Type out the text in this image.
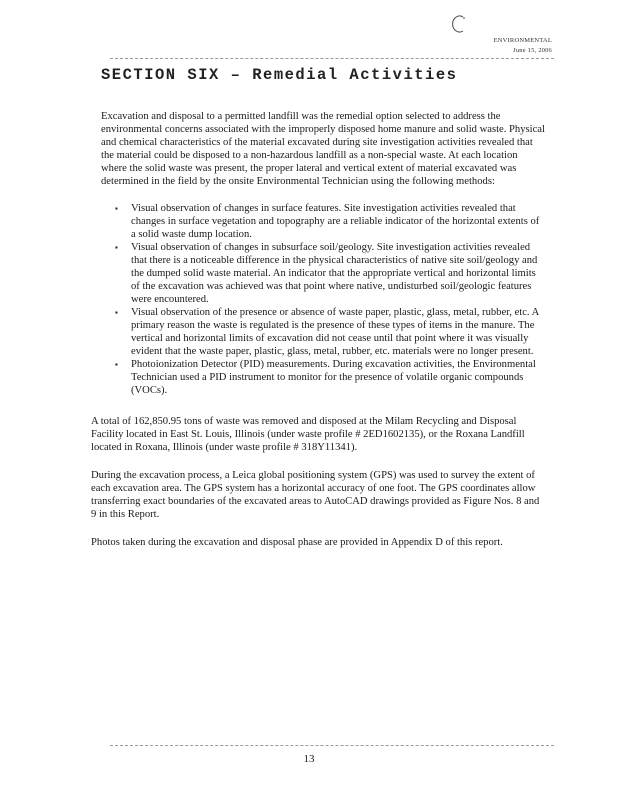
ENVIRONMENTAL
June 15, 2006
SECTION SIX – Remedial Activities

Excavation and disposal to a permitted landfill was the remedial option selected to address the environmental concerns associated with the improperly disposed home manure and solid waste. Physical and chemical characteristics of the material excavated during site investigation activities revealed that the material could be disposed to a non-hazardous landfill as a non-special waste. At each location where the solid waste was present, the proper lateral and vertical extent of material excavated was determined in the field by the onsite Environmental Technician using the following methods:

▪ Visual observation of changes in surface features. Site investigation activities revealed that changes in surface vegetation and topography are a reliable indicator of the horizontal extents of a solid waste dump location.
▪ Visual observation of changes in subsurface soil/geology. Site investigation activities revealed that there is a noticeable difference in the physical characteristics of native site soil/geology and the dumped solid waste material. An indicator that the appropriate vertical and horizontal limits of the excavation was achieved was that point where native, undisturbed soil/geologic features were encountered.
▪ Visual observation of the presence or absence of waste paper, plastic, glass, metal, rubber, etc. A primary reason the waste is regulated is the presence of these types of items in the manure. The vertical and horizontal limits of excavation did not cease until that point where it was visually evident that the waste paper, plastic, glass, metal, rubber, etc. materials were no longer present.
▪ Photoionization Detector (PID) measurements. During excavation activities, the Environmental Technician used a PID instrument to monitor for the presence of volatile organic compounds (VOCs).

A total of 162,850.95 tons of waste was removed and disposed at the Milam Recycling and Disposal Facility located in East St. Louis, Illinois (under waste profile # 2ED1602135), or the Roxana Landfill located in Roxana, Illinois (under waste profile # 318Y11341).

During the excavation process, a Leica global positioning system (GPS) was used to survey the extent of each excavation area. The GPS system has a horizontal accuracy of one foot. The GPS coordinates allow transferring exact boundaries of the excavated areas to AutoCAD drawings provided as Figure Nos. 8 and 9 in this Report.

Photos taken during the excavation and disposal phase are provided in Appendix D of this report.

13
